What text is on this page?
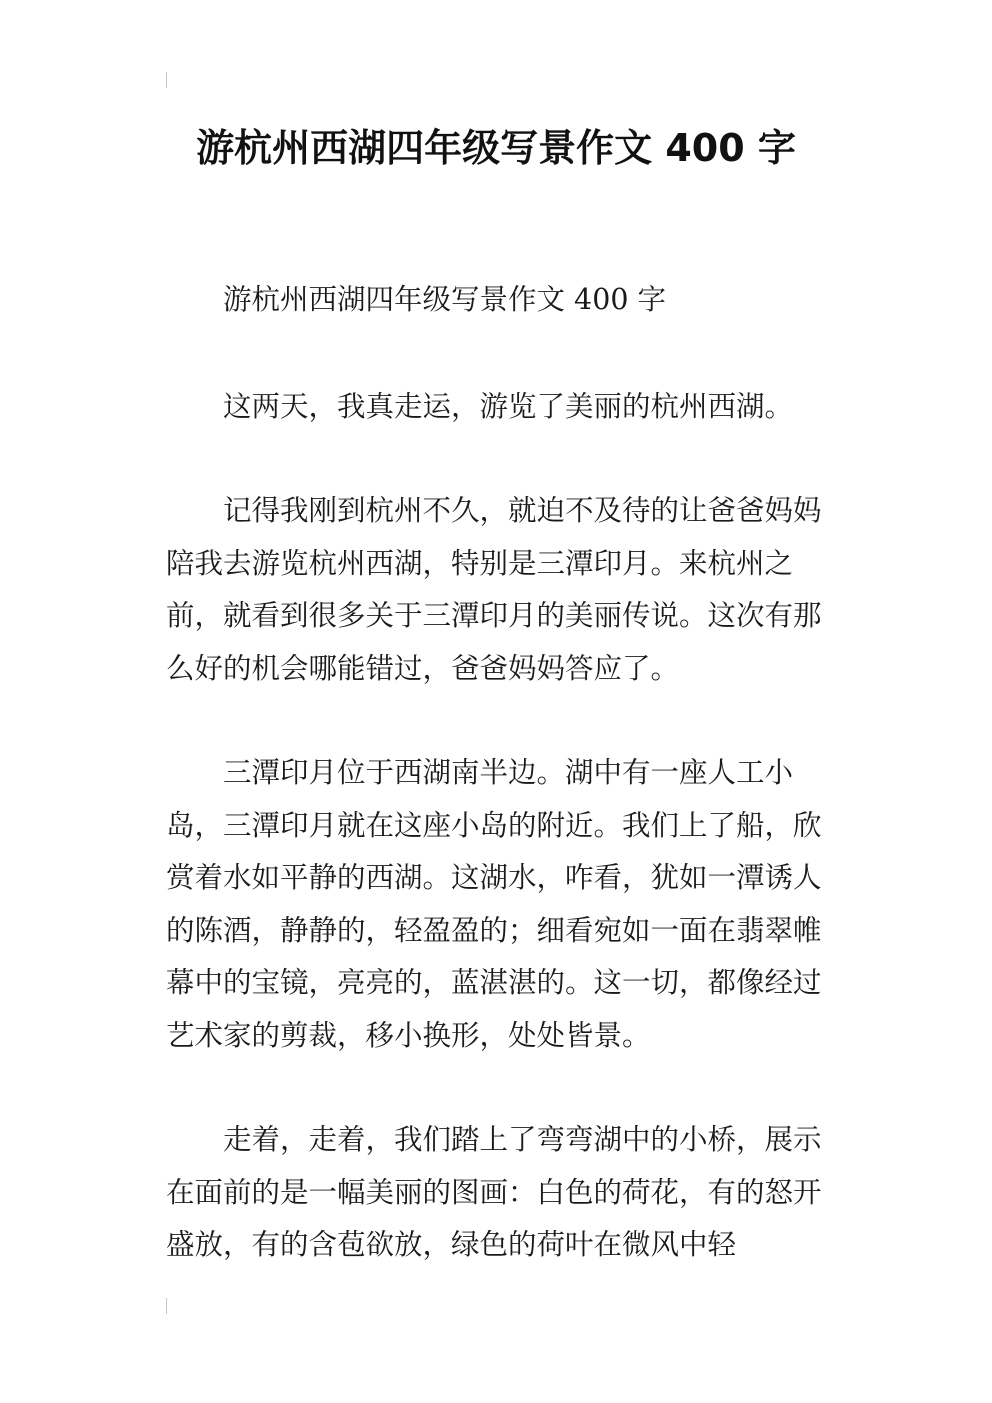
游杭州西湖四年级写景作文 400 字

游杭州西湖四年级写景作文 400 字

这两天，我真走运，游览了美丽的杭州西湖。

记得我刚到杭州不久，就迫不及待的让爸爸妈妈陪我去游览杭州西湖，特别是三潭印月。来杭州之前，就看到很多关于三潭印月的美丽传说。这次有那么好的机会哪能错过，爸爸妈妈答应了。

三潭印月位于西湖南半边。湖中有一座人工小岛，三潭印月就在这座小岛的附近。我们上了船，欣赏着水如平静的西湖。这湖水，咋看，犹如一潭诱人的陈酒，静静的，轻盈盈的；细看宛如一面在翡翠帷幕中的宝镜，亮亮的，蓝湛湛的。这一切，都像经过艺术家的剪裁，移小换形，处处皆景。

走着，走着，我们踏上了弯弯湖中的小桥，展示在面前的是一幅美丽的图画：白色的荷花，有的怒开盛放，有的含苞欲放，绿色的荷叶在微风中轻
